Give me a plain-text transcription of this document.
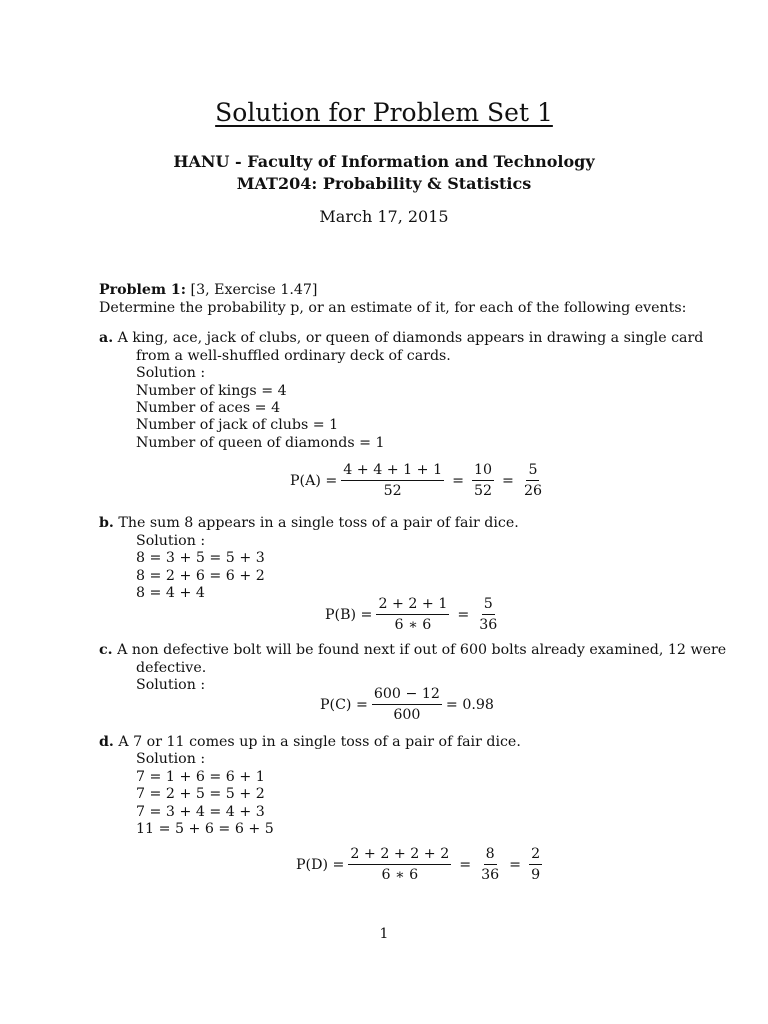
Solution for Problem Set 1
HANU - Faculty of Information and Technology
MAT204: Probability & Statistics
March 17, 2015
Problem 1: [3, Exercise 1.47]
Determine the probability p, or an estimate of it, for each of the following events:
a. A king, ace, jack of clubs, or queen of diamonds appears in drawing a single card
from a well-shuffled ordinary deck of cards.
Solution :
Number of kings = 4
Number of aces = 4
Number of jack of clubs = 1
Number of queen of diamonds = 1
$P(A) = \frac{4 + 4 + 1 + 1}{52} = \frac{10}{52} = \frac{5}{26}$
b. The sum 8 appears in a single toss of a pair of fair dice.
Solution :
8 = 3 + 5 = 5 + 3
8 = 2 + 6 = 6 + 2
8 = 4 + 4
$P(B) = \frac{2 + 2 + 1}{6 ∗ 6} = \frac{5}{36}$
c. A non defective bolt will be found next if out of 600 bolts already examined, 12 were
defective.
Solution :
$P(C) = \frac{600 - 12}{600} = 0.98$
d. A 7 or 11 comes up in a single toss of a pair of fair dice.
Solution :
7 = 1 + 6 = 6 + 1
7 = 2 + 5 = 5 + 2
7 = 3 + 4 = 4 + 3
11 = 5 + 6 = 6 + 5
$P(D) = \frac{2 + 2 + 2 + 2}{6 ∗ 6} = \frac{8}{36} = \frac{2}{9}$
1
